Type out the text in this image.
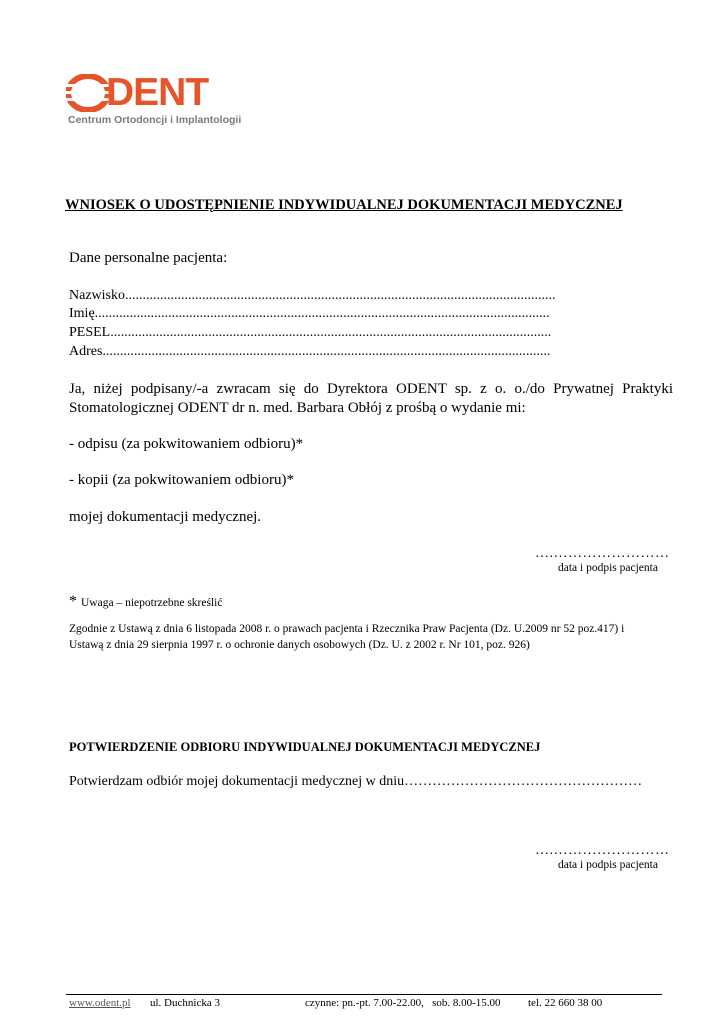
DENT
Centrum Ortodoncji i Implantologii
WNIOSEK O UDOSTĘPNIENIE INDYWIDUALNEJ DOKUMENTACJI MEDYCZNEJ
Dane personalne pacjenta:
Nazwisko...........................................................................................................................
Imię..................................................................................................................................
PESEL..............................................................................................................................
Adres................................................................................................................................
Ja, niżej podpisany/-a zwracam się do Dyrektora ODENT sp. z o. o./do Prywatnej Praktyki
Stomatologicznej ODENT dr n. med. Barbara Obłój z prośbą o wydanie mi:
- odpisu (za pokwitowaniem odbioru)*
- kopii (za pokwitowaniem odbioru)*
mojej dokumentacji medycznej.
….……………………
data i podpis pacjenta
* Uwaga – niepotrzebne skreślić
Zgodnie z Ustawą z dnia 6 listopada 2008 r. o prawach pacjenta i Rzecznika Praw Pacjenta (Dz. U.2009 nr 52 poz.417) i
Ustawą z dnia 29 sierpnia 1997 r. o ochronie danych osobowych (Dz. U. z 2002 r. Nr 101, poz. 926)
POTWIERDZENIE ODBIORU INDYWIDUALNEJ DOKUMENTACJI MEDYCZNEJ
Potwierdzam odbiór mojej dokumentacji medycznej w dniu……………………………………………
….……………………
data i podpis pacjenta
www.odent.pl ul. Duchnicka 3	czynne: pn.-pt. 7.00-22.00,   sob. 8.00-15.00 tel. 22 660 38 00
